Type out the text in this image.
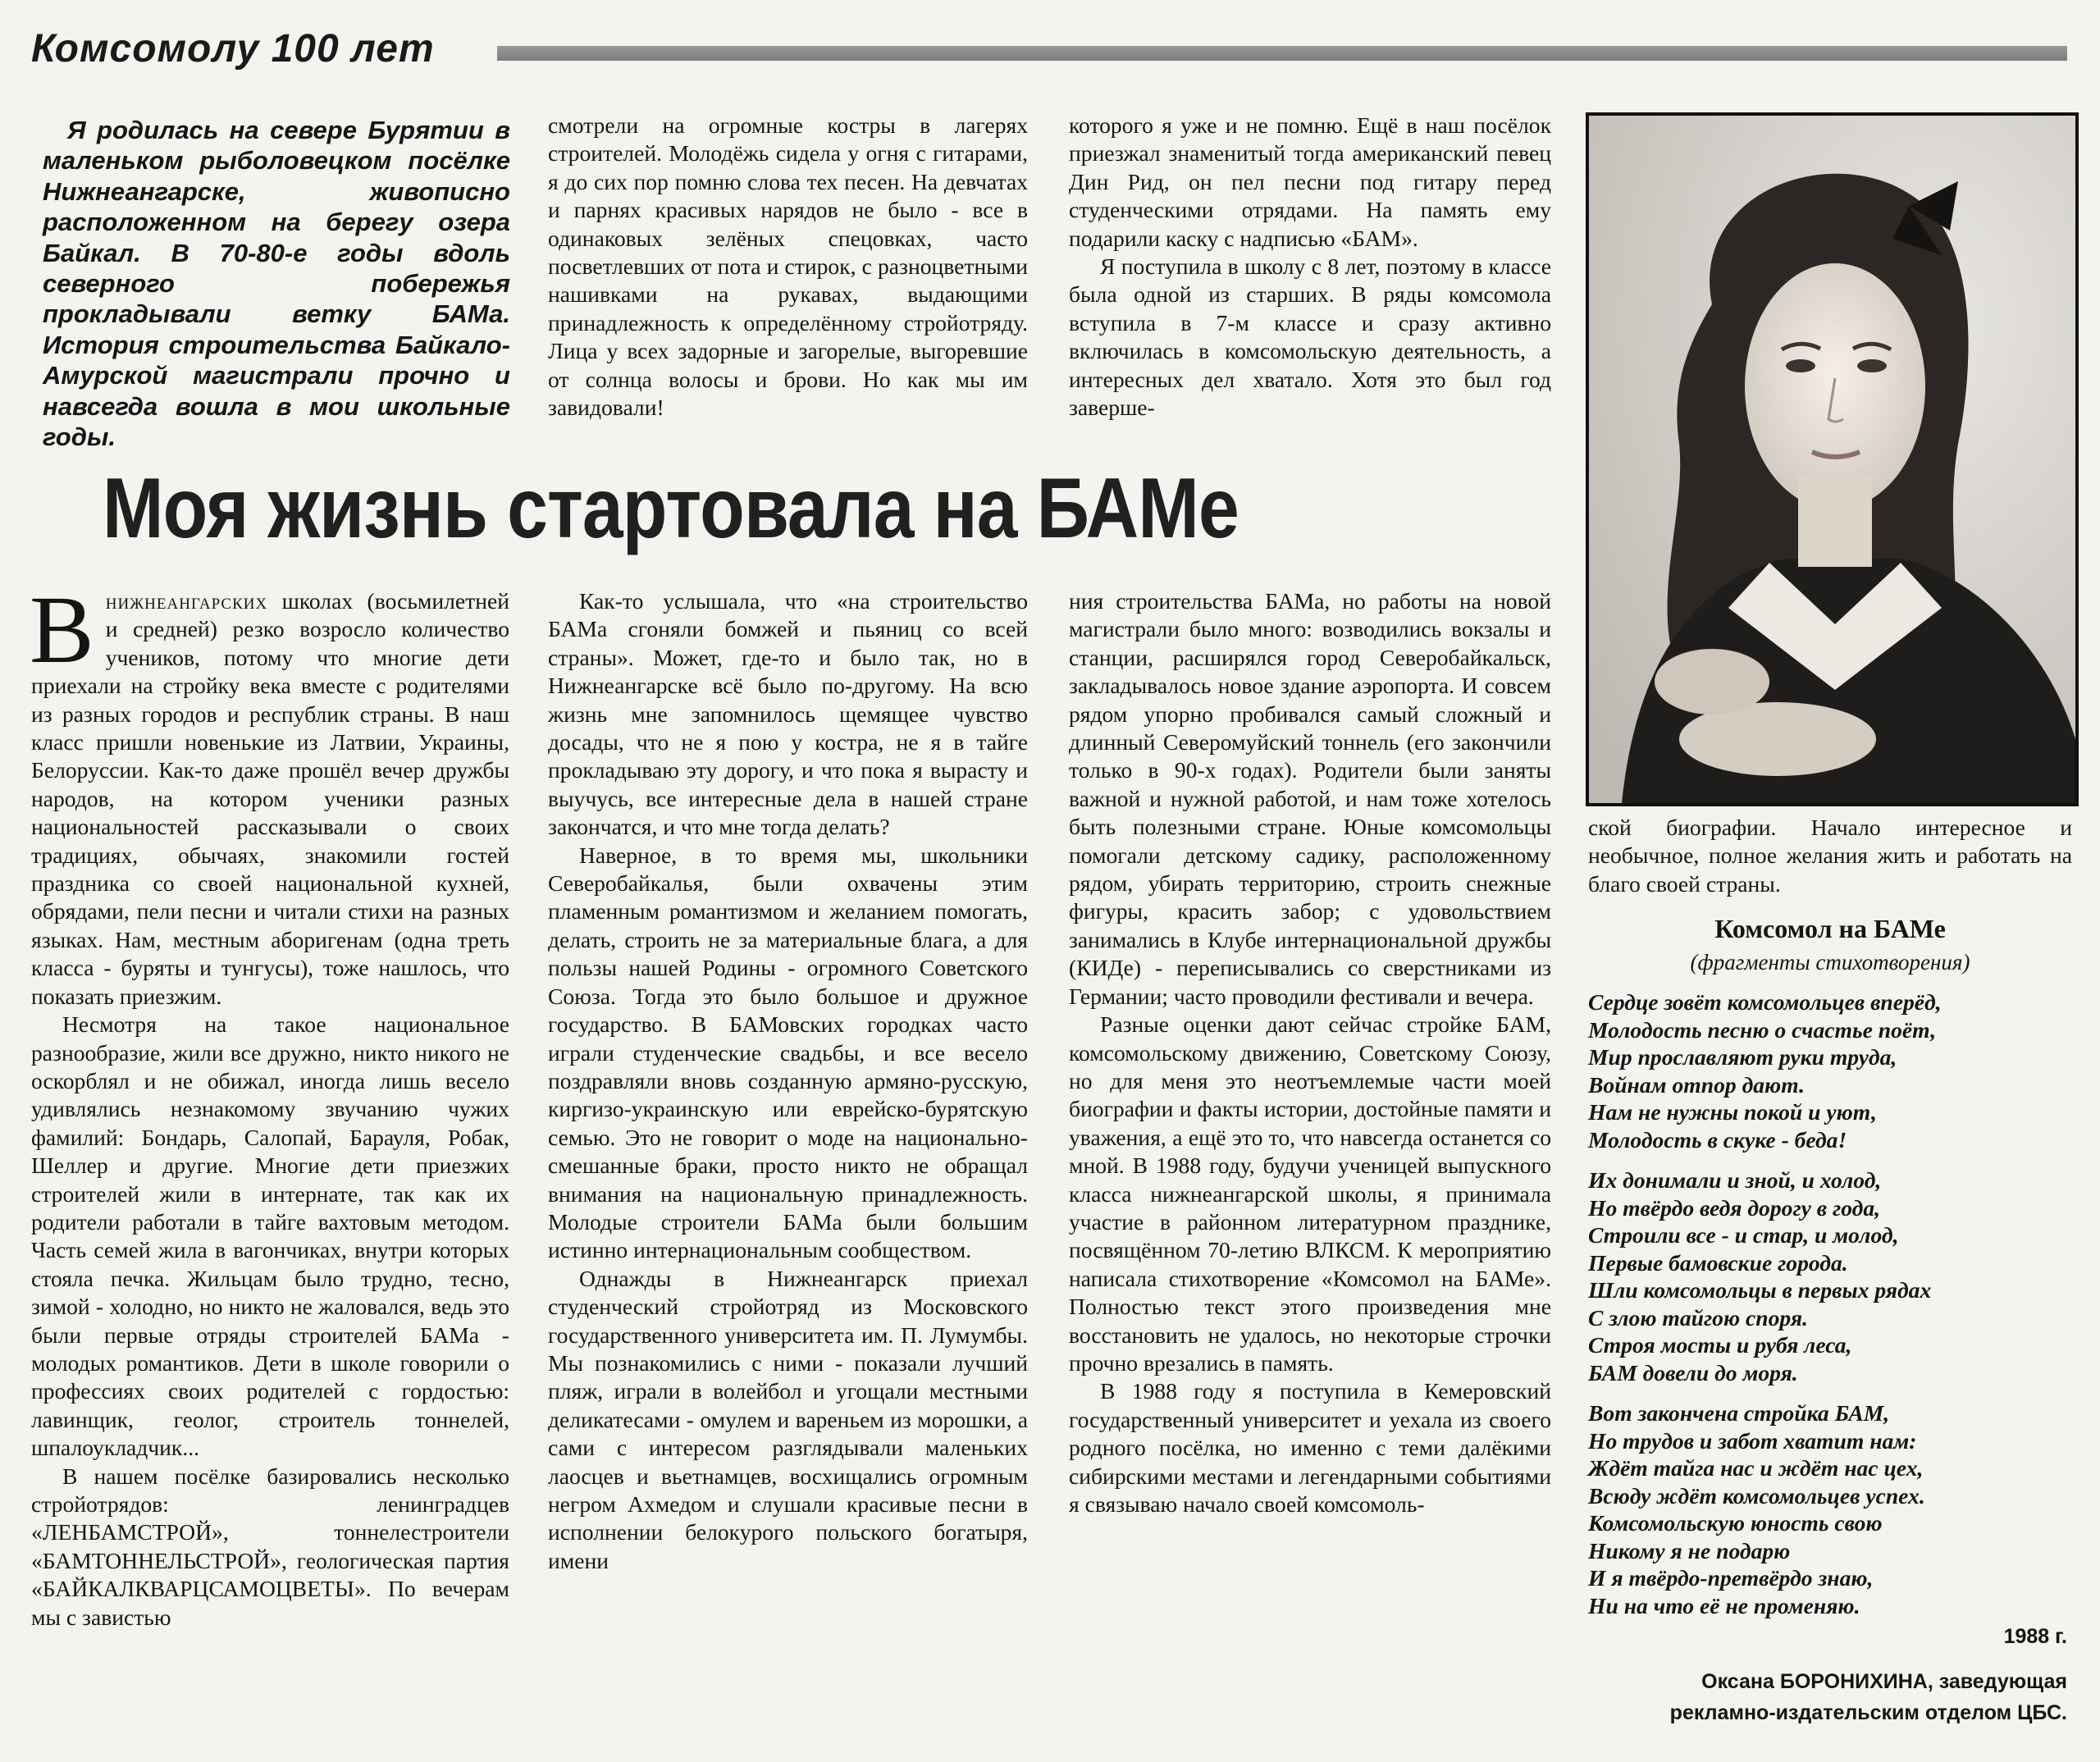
Комсомолу 100 лет
Я родилась на севере Бурятии в маленьком рыболовецком посёлке Нижнеангарске, живописно расположенном на берегу озера Байкал. В 70-80-е годы вдоль северного побережья прокладывали ветку БАМа. История строительства Байкало-Амурской магистрали прочно и навсегда вошла в мои школьные годы.

смотрели на огромные костры в лагерях строителей. Молодёжь сидела у огня с гитарами, я до сих пор помню слова тех песен. На девчатах и парнях красивых нарядов не было - все в одинаковых зелёных спецовках, часто посветлевших от пота и стирок, с разноцветными нашивками на рукавах, выдающими принадлежность к определённому стройотряду. Лица у всех задорные и загорелые, выгоревшие от солнца волосы и брови. Но как мы им завидовали!

которого я уже и не помню. Ещё в наш посёлок приезжал знаменитый тогда американский певец Дин Рид, он пел песни под гитару перед студенческими отрядами. На память ему подарили каску с надписью «БАМ».

Я поступила в школу с 8 лет, поэтому в классе была одной из старших. В ряды комсомола вступила в 7-м классе и сразу активно включилась в комсомольскую деятельность, а интересных дел хватало. Хотя это был год заверше-

Моя жизнь стартовала на БАМе

Внижнеангарских школах (восьмилетней и средней) резко возросло количество учеников, потому что многие дети приехали на стройку века вместе с родителями из разных городов и республик страны. В наш класс пришли новенькие из Латвии, Украины, Белоруссии. Как-то даже прошёл вечер дружбы народов, на котором ученики разных национальностей рассказывали о своих традициях, обычаях, знакомили гостей праздника со своей национальной кухней, обрядами, пели песни и читали стихи на разных языках. Нам, местным аборигенам (одна треть класса - буряты и тунгусы), тоже нашлось, что показать приезжим.

Несмотря на такое национальное разнообразие, жили все дружно, никто никого не оскорблял и не обижал, иногда лишь весело удивлялись незнакомому звучанию чужих фамилий: Бондарь, Салопай, Барауля, Робак, Шеллер и другие. Многие дети приезжих строителей жили в интернате, так как их родители работали в тайге вахтовым методом. Часть семей жила в вагончиках, внутри которых стояла печка. Жильцам было трудно, тесно, зимой - холодно, но никто не жаловался, ведь это были первые отряды строителей БАМа - молодых романтиков. Дети в школе говорили о профессиях своих родителей с гордостью: лавинщик, геолог, строитель тоннелей, шпалоукладчик...

В нашем посёлке базировались несколько стройотрядов: ленинградцев «ЛЕНБАМСТРОЙ», тоннелестроители «БАМТОННЕЛЬСТРОЙ», геологическая партия «БАЙКАЛКВАРЦСАМОЦВЕТЫ». По вечерам мы с завистью

Как-то услышала, что «на строительство БАМа сгоняли бомжей и пьяниц со всей страны». Может, где-то и было так, но в Нижнеангарске всё было по-другому. На всю жизнь мне запомнилось щемящее чувство досады, что не я пою у костра, не я в тайге прокладываю эту дорогу, и что пока я вырасту и выучусь, все интересные дела в нашей стране закончатся, и что мне тогда делать?

Наверное, в то время мы, школьники Северобайкалья, были охвачены этим пламенным романтизмом и желанием помогать, делать, строить не за материальные блага, а для пользы нашей Родины - огромного Советского Союза. Тогда это было большое и дружное государство. В БАМовских городках часто играли студенческие свадьбы, и все весело поздравляли вновь созданную армяно-русскую, киргизо-украинскую или еврейско-бурятскую семью. Это не говорит о моде на национально-смешанные браки, просто никто не обращал внимания на национальную принадлежность. Молодые строители БАМа были большим истинно интернациональным сообществом.

Однажды в Нижнеангарск приехал студенческий стройотряд из Московского государственного университета им. П. Лумумбы. Мы познакомились с ними - показали лучший пляж, играли в волейбол и угощали местными деликатесами - омулем и вареньем из морошки, а сами с интересом разглядывали маленьких лаосцев и вьетнамцев, восхищались огромным негром Ахмедом и слушали красивые песни в исполнении белокурого польского богатыря, имени

ния строительства БАМа, но работы на новой магистрали было много: возводились вокзалы и станции, расширялся город Северобайкальск, закладывалось новое здание аэропорта. И совсем рядом упорно пробивался самый сложный и длинный Северомуйский тоннель (его закончили только в 90-х годах). Родители были заняты важной и нужной работой, и нам тоже хотелось быть полезными стране. Юные комсомольцы помогали детскому садику, расположенному рядом, убирать территорию, строить снежные фигуры, красить забор; с удовольствием занимались в Клубе интернациональной дружбы (КИДе) - переписывались со сверстниками из Германии; часто проводили фестивали и вечера.

Разные оценки дают сейчас стройке БАМ, комсомольскому движению, Советскому Союзу, но для меня это неотъемлемые части моей биографии и факты истории, достойные памяти и уважения, а ещё это то, что навсегда останется со мной. В 1988 году, будучи ученицей выпускного класса нижнеангарской школы, я принимала участие в районном литературном празднике, посвящённом 70-летию ВЛКСМ. К мероприятию написала стихотворение «Комсомол на БАМе». Полностью текст этого произведения мне восстановить не удалось, но некоторые строчки прочно врезались в память.

В 1988 году я поступила в Кемеровский государственный университет и уехала из своего родного посёлка, но именно с теми далёкими сибирскими местами и легендарными событиями я связываю начало своей комсомоль-

ской биографии. Начало интересное и необычное, полное желания жить и работать на благо своей страны.

Комсомол на БАМе
(фрагменты стихотворения)
Сердце зовёт комсомольцев вперёд,
Молодость песню о счастье поёт,
Мир прославляют руки труда,
Войнам отпор дают.
Нам не нужны покой и уют,
Молодость в скуке - беда!
Их донимали и зной, и холод,
Но твёрдо ведя дорогу в года,
Строили все - и стар, и молод,
Первые бамовские города.
Шли комсомольцы в первых рядах
С злою тайгою споря.
Строя мосты и рубя леса,
БАМ довели до моря.
Вот закончена стройка БАМ,
Но трудов и забот хватит нам:
Ждёт тайга нас и ждёт нас цех,
Всюду ждёт комсомольцев успех.
Комсомольскую юность свою
Никому я не подарю
И я твёрдо-претвёрдо знаю,
Ни на что её не променяю.
1988 г.
Оксана БОРОНИХИНА, заведующая
рекламно-издательским отделом ЦБС.
